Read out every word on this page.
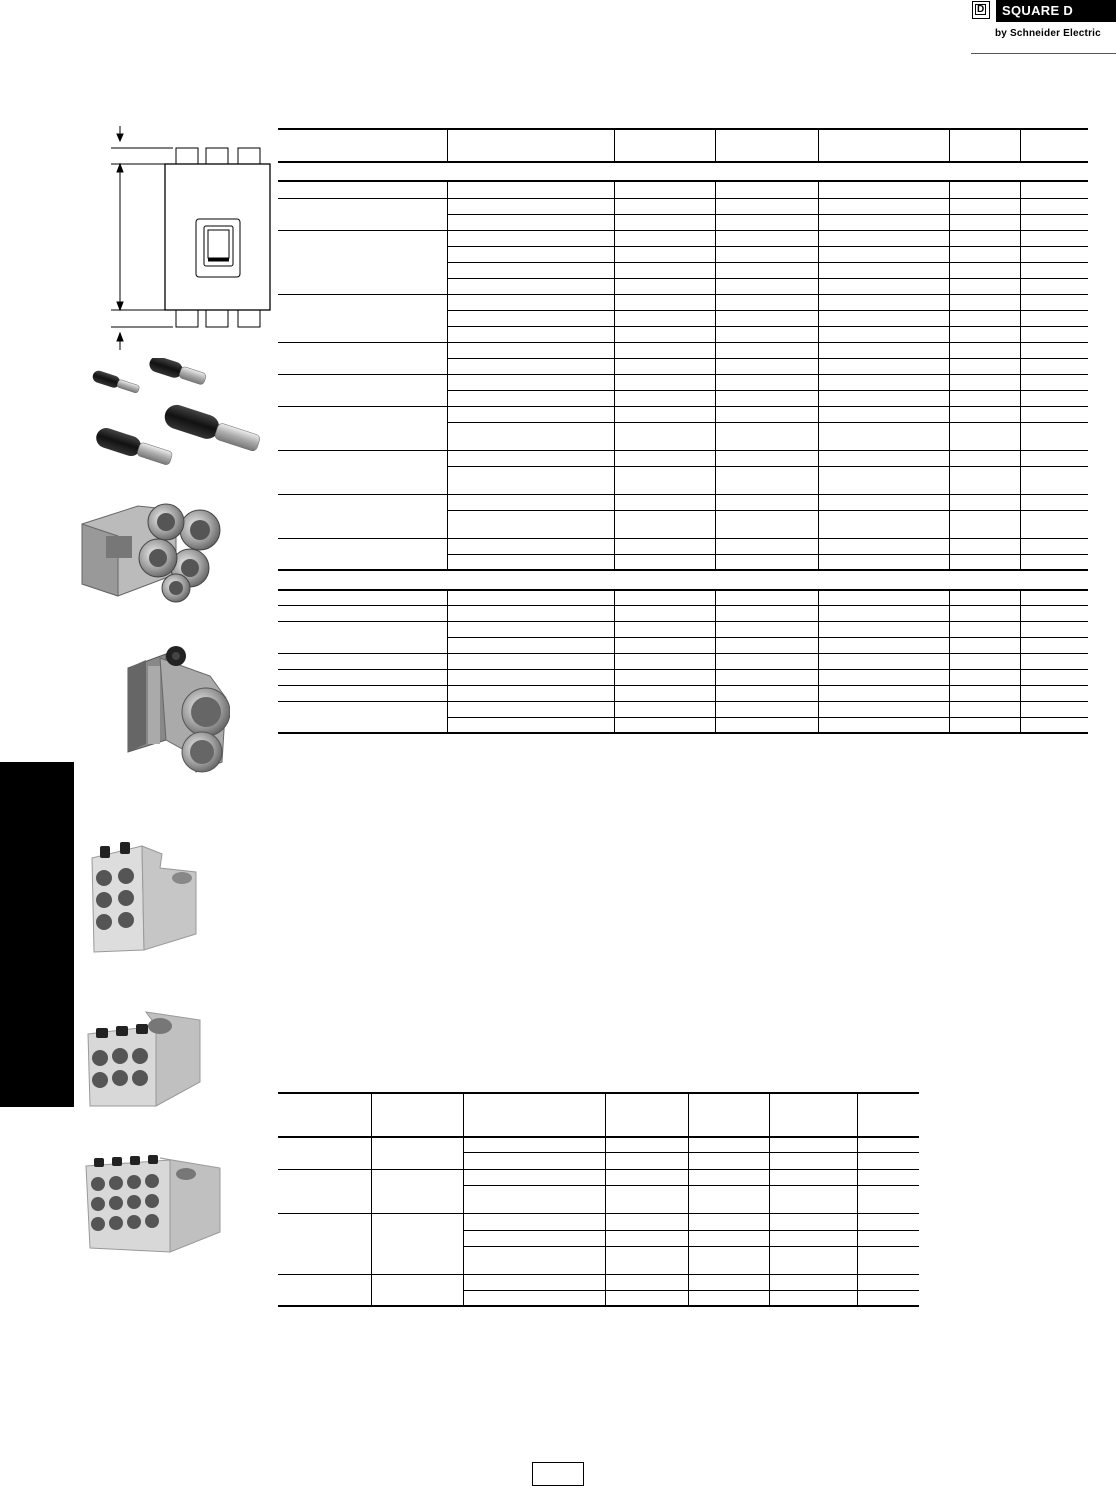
D	SQUARE D
by Schneider Electric
